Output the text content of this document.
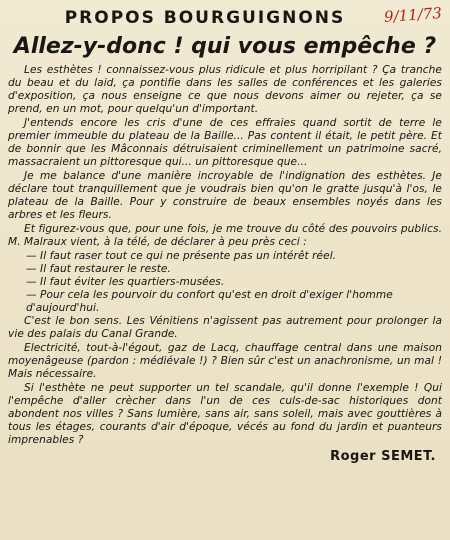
9/11/73
PROPOS BOURGUIGNONS
Allez-y-donc ! qui vous empêche ?

Les esthètes ! connaissez-vous plus ridicule et plus horripilant ? Ça tranche du beau et du laid, ça pontifie dans les salles de conférences et les galeries d'exposition, ça nous enseigne ce que nous devons aimer ou rejeter, ça se prend, en un mot, pour quelqu'un d'important.

J'entends encore les cris d'une de ces effraies quand sortit de terre le premier immeuble du plateau de la Baille... Pas content il était, le petit père. Et de bonnir que les Mâconnais détruisaient criminellement un patrimoine sacré, massacraient un pittoresque qui... un pittoresque que...

Je me balance d'une manière incroyable de l'indignation des esthètes. Je déclare tout tranquillement que je voudrais bien qu'on le gratte jusqu'à l'os, le plateau de la Baille. Pour y construire de beaux ensembles noyés dans les arbres et les fleurs.

Et figurez-vous que, pour une fois, je me trouve du côté des pouvoirs publics. M. Malraux vient, à la télé, de déclarer à peu près ceci :

— Il faut raser tout ce qui ne présente pas un intérêt réel.

— Il faut restaurer le reste.

— Il faut éviter les quartiers-musées.

— Pour cela les pourvoir du confort qu'est en droit d'exiger l'homme d'aujourd'hui.

C'est le bon sens. Les Vénitiens n'agissent pas autrement pour prolonger la vie des palais du Canal Grande.

Electricité, tout-à-l'égout, gaz de Lacq, chauffage central dans une maison moyenâgeuse (pardon : médiévale !) ? Bien sûr c'est un anachronisme, un mal ! Mais nécessaire.

Si l'esthète ne peut supporter un tel scandale, qu'il donne l'exemple ! Qui l'empêche d'aller crècher dans l'un de ces culs-de-sac historiques dont abondent nos villes ? Sans lumière, sans air, sans soleil, mais avec gouttières à tous les étages, courants d'air d'époque, vécés au fond du jardin et puanteurs imprenables ?

Roger SEMET.
